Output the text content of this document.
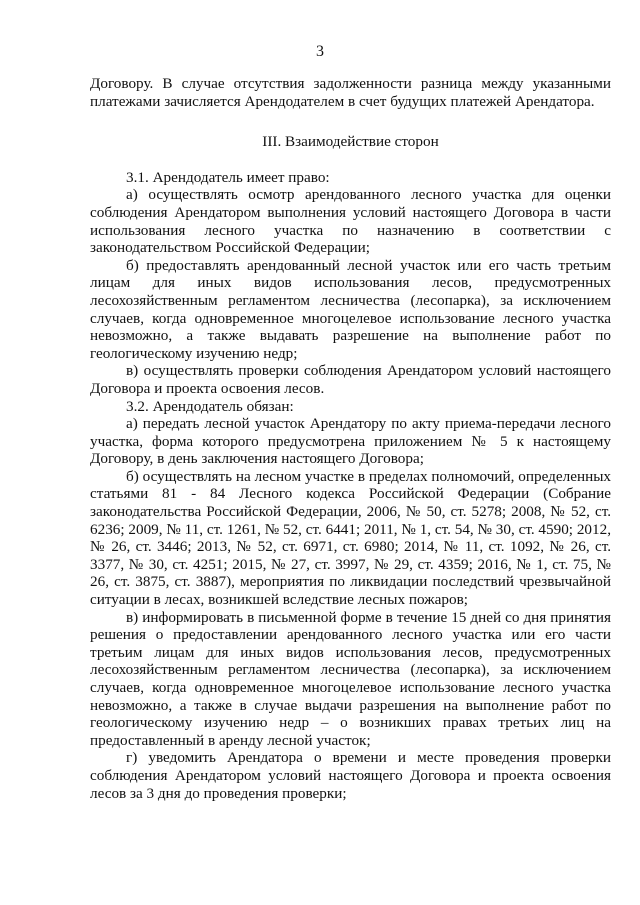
3

Договору. В случае отсутствия задолженности разница между указанными платежами зачисляется Арендодателем в счет будущих платежей Арендатора.

III. Взаимодействие сторон

3.1. Арендодатель имеет право:

а) осуществлять осмотр арендованного лесного участка для оценки соблюдения Арендатором выполнения условий настоящего Договора в части использования лесного участка по назначению в соответствии с законодательством Российской Федерации;

б) предоставлять арендованный лесной участок или его часть третьим лицам для иных видов использования лесов, предусмотренных лесохозяйственным регламентом лесничества (лесопарка), за исключением случаев, когда одновременное многоцелевое использование лесного участка невозможно, а также выдавать разрешение на выполнение работ по геологическому изучению недр;

в) осуществлять проверки соблюдения Арендатором условий настоящего Договора и проекта освоения лесов.

3.2. Арендодатель обязан:

а) передать лесной участок Арендатору по акту приема-передачи лесного участка, форма которого предусмотрена приложением № 5 к настоящему Договору, в день заключения настоящего Договора;

б) осуществлять на лесном участке в пределах полномочий, определенных статьями 81 - 84 Лесного кодекса Российской Федерации (Собрание законодательства Российской Федерации, 2006, № 50, ст. 5278; 2008, № 52, ст. 6236; 2009, № 11, ст. 1261, № 52, ст. 6441; 2011, № 1, ст. 54, № 30, ст. 4590; 2012, № 26, ст. 3446; 2013, № 52, ст. 6971, ст. 6980; 2014, № 11, ст. 1092, № 26, ст. 3377, № 30, ст. 4251; 2015, № 27, ст. 3997, № 29, ст. 4359; 2016, № 1, ст. 75, № 26, ст. 3875, ст. 3887), мероприятия по ликвидации последствий чрезвычайной ситуации в лесах, возникшей вследствие лесных пожаров;

в) информировать в письменной форме в течение 15 дней со дня принятия решения о предоставлении арендованного лесного участка или его части третьим лицам для иных видов использования лесов, предусмотренных лесохозяйственным регламентом лесничества (лесопарка), за исключением случаев, когда одновременное многоцелевое использование лесного участка невозможно, а также в случае выдачи разрешения на выполнение работ по геологическому изучению недр – о возникших правах третьих лиц на предоставленный в аренду лесной участок;

г) уведомить Арендатора о времени и месте проведения проверки соблюдения Арендатором условий настоящего Договора и проекта освоения лесов за 3 дня до проведения проверки;
